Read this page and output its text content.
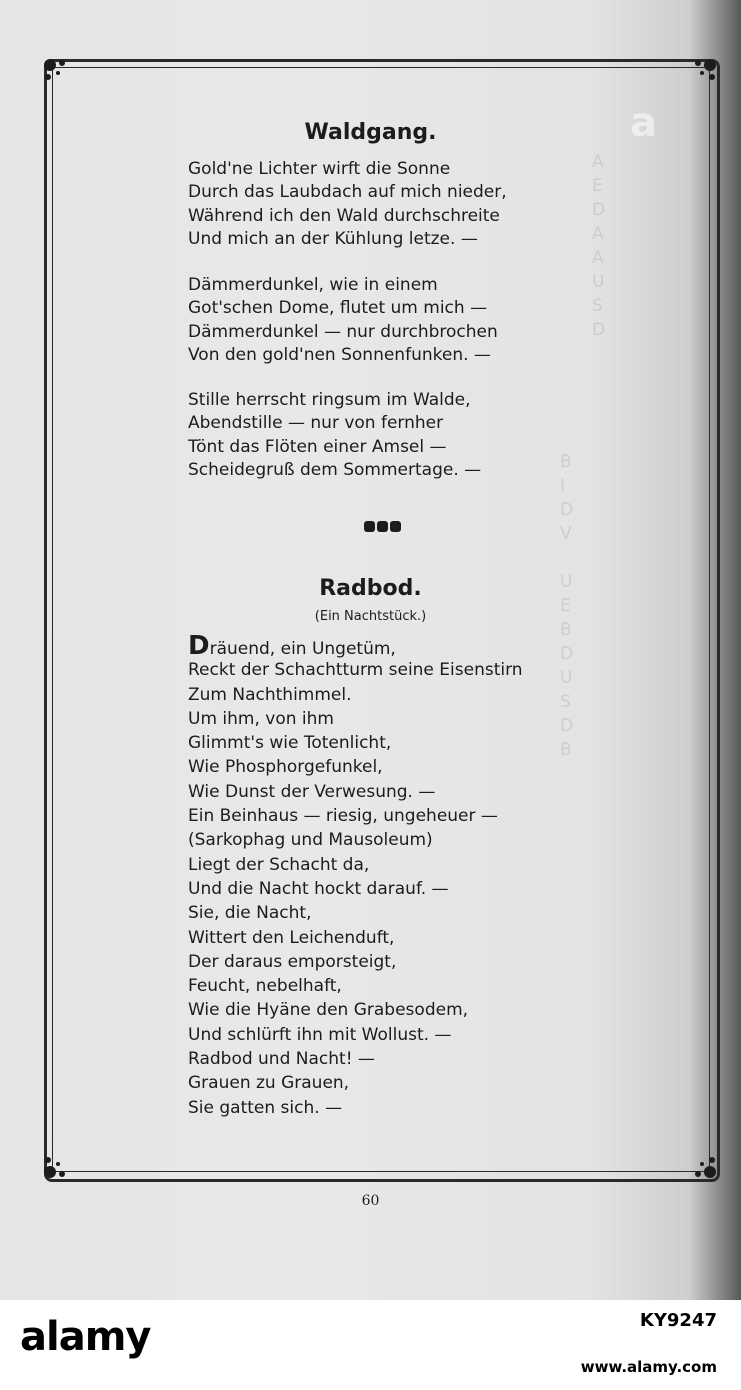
A
E
D
A
A
U
S
D
B
I
D
V

U
E
B
D
U
S
D
B
Waldgang.
Gold'ne Lichter wirft die Sonne
Durch das Laubdach auf mich nieder,
Während ich den Wald durchschreite
Und mich an der Kühlung letze. —
Dämmerdunkel, wie in einem
Got'schen Dome, flutet um mich —
Dämmerdunkel — nur durchbrochen
Von den gold'nen Sonnenfunken. —
Stille herrscht ringsum im Walde,
Abendstille — nur von fernher
Tönt das Flöten einer Amsel —
Scheidegruß dem Sommertage. —
Radbod.
(Ein Nachtstück.)
Dräuend, ein Ungetüm,
Reckt der Schachtturm seine Eisenstirn
Zum Nachthimmel.
Um ihm, von ihm
Glimmt's wie Totenlicht,
Wie Phosphorgefunkel,
Wie Dunst der Verwesung. —
Ein Beinhaus — riesig, ungeheuer —
(Sarkophag und Mausoleum)
Liegt der Schacht da,
Und die Nacht hockt darauf. —
Sie, die Nacht,
Wittert den Leichenduft,
Der daraus emporsteigt,
Feucht, nebelhaft,
Wie die Hyäne den Grabesodem,
Und schlürft ihn mit Wollust. —
Radbod und Nacht! —
Grauen zu Grauen,
Sie gatten sich. —
60
a
alamy	KY9247
www.alamy.com
